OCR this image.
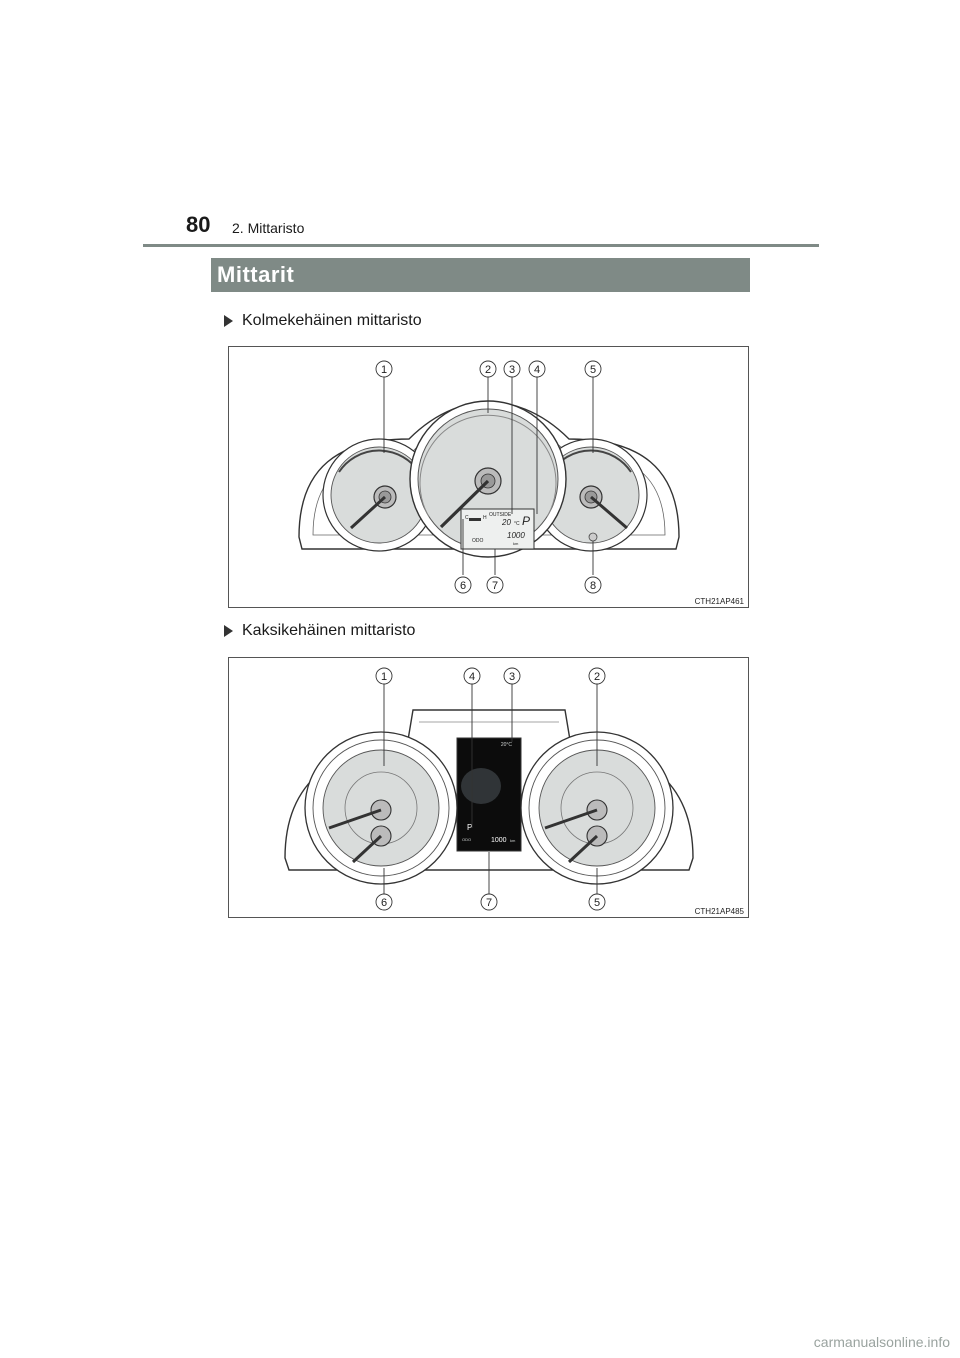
80 2. Mittaristo
Mittarit
Kolmekehäinen mittaristo
C	H OUTSIDE
20 °C P
ODO
1000
km
1	2 3 4	5
6 7	8
CTH21AP461
Kaksikehäinen mittaristo
20°C
P
ODO	1000 km
1	4	3	2
6	7	5
CTH21AP485
carmanualsonline.info
